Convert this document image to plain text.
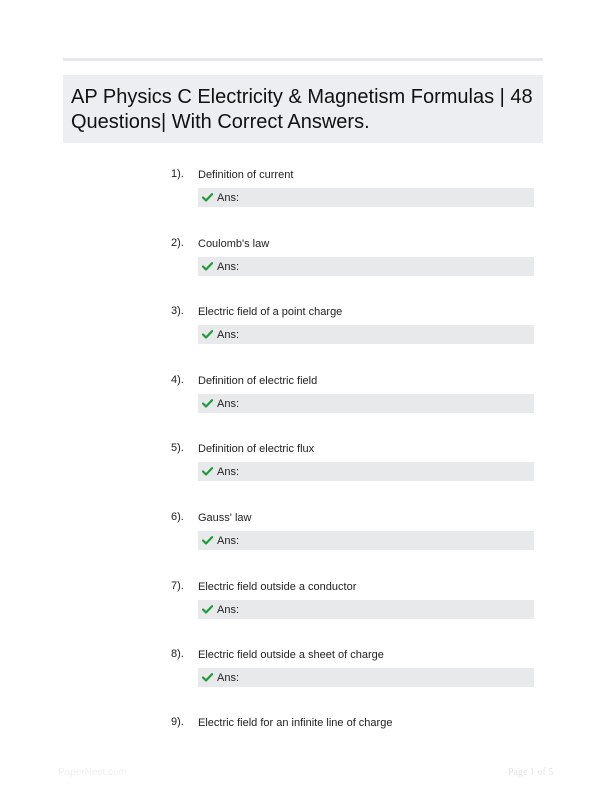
AP Physics C Electricity & Magnetism Formulas | 48 Questions| With Correct Answers.
1). Definition of current
Ans:
2). Coulomb's law
Ans:
3). Electric field of a point charge
Ans:
4). Definition of electric field
Ans:
5). Definition of electric flux
Ans:
6). Gauss' law
Ans:
7). Electric field outside a conductor
Ans:
8). Electric field outside a sheet of charge
Ans:
9). Electric field for an infinite line of charge
PaperNest.com	Page 1 of 5
